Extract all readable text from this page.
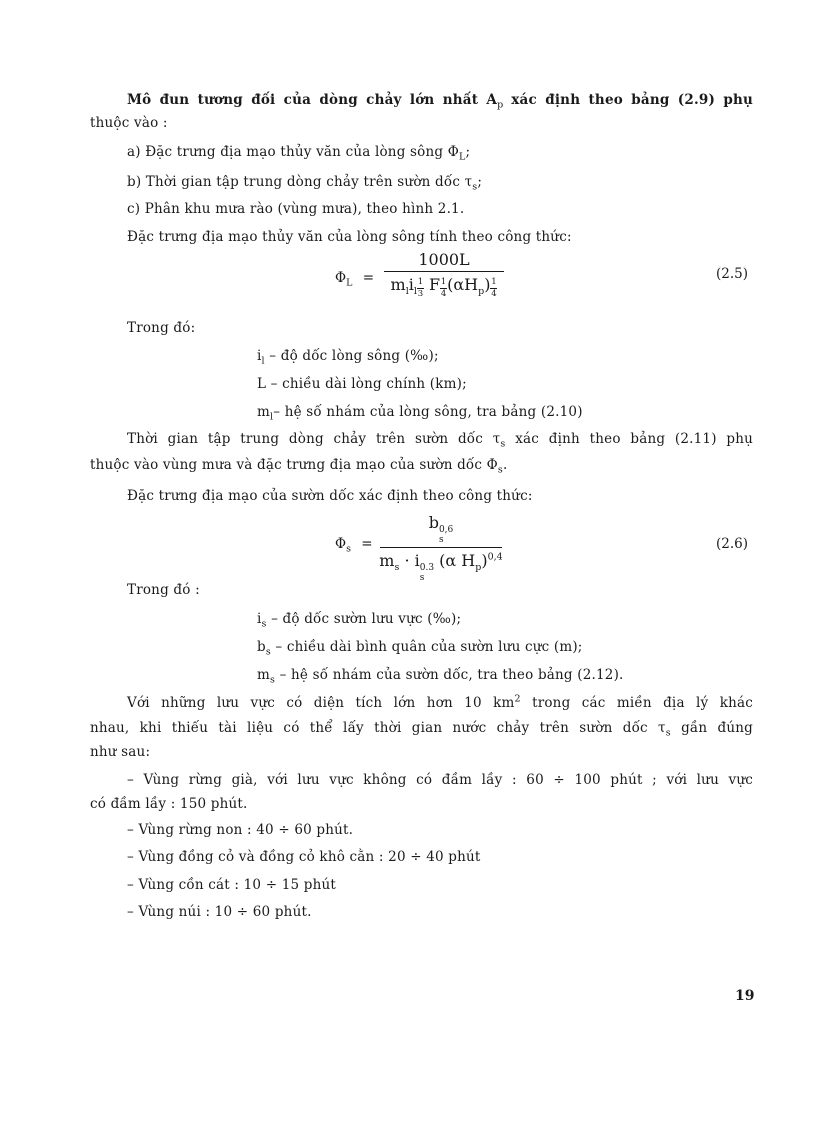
Mô đun tương đối của dòng chảy lớn nhất $A_p$ xác định theo bảng (2.9) phụ
thuộc vào :
a) Đặc trưng địa mạo thủy văn của lòng sông $\Phi_L$;
b) Thời gian tập trung dòng chảy trên sườn dốc $\tau_s$;
c) Phân khu mưa rào (vùng mưa), theo hình 2.1.
Đặc trưng địa mạo thủy văn của lòng sông tính theo công thức:
$\Phi_L$ =
1000L
$m_li_l \frac{1}{3}$ F $\frac{1}{4} (\alpha H_p) \frac{1}{4}$
(2.5)
Trong đó:
$i_l$ – độ dốc lòng sông (‰);
L – chiều dài lòng chính (km);
$m_l-$ hệ số nhám của lòng sông, tra bảng (2.10)
Thời gian tập trung dòng chảy trên sườn dốc $\tau_s$ xác định theo bảng (2.11) phụ
thuộc vào vùng mưa và đặc trưng địa mạo của sườn dốc $\Phi_s$.
Đặc trưng địa mạo của sườn dốc xác định theo công thức:
$\Phi_s$ =
b 0,6
s
$m_s \cdot i$ 0.3
s
(α $H_p)^{0,4}$
(2.6)
Trong đó :
$i_s$ – độ dốc sườn lưu vực (‰);
$b_s$ – chiều dài bình quân của sườn lưu cực (m);
$m_s$ – hệ số nhám của sườn dốc, tra theo bảng (2.12).
Với những lưu vực có diện tích lớn hơn 10 $km^2$ trong các miền địa lý khác
nhau, khi thiếu tài liệu có thể lấy thời gian nước chảy trên sườn dốc $\tau_s$ gần đúng
như sau:
– Vùng rừng già, với lưu vực không có đầm lầy : 60 ÷ 100 phút ; với lưu vực
có đầm lầy : 150 phút.
– Vùng rừng non : 40 ÷ 60 phút.
– Vùng đồng cỏ và đồng cỏ khô cằn : 20 ÷ 40 phút
– Vùng cồn cát : 10 ÷ 15 phút
– Vùng núi : 10 ÷ 60 phút.
19
